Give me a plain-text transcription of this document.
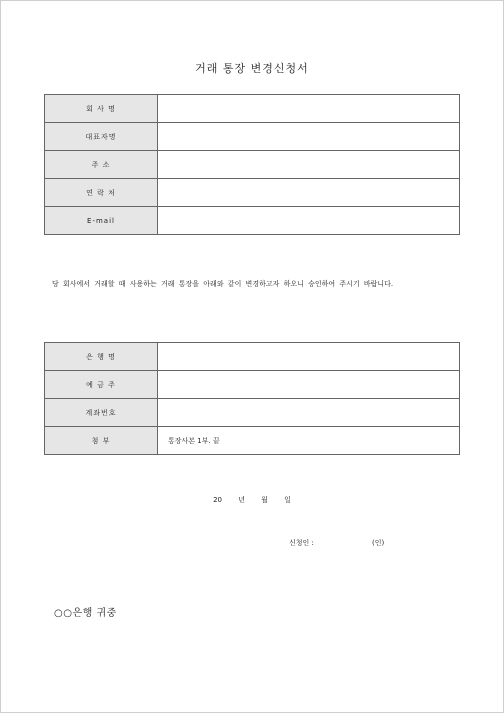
거래 통장 변경신청서
회 사 명	
대표자명	
주 소	
연 락 처	
E-mail	
당 회사에서 거래할 때 사용하는 거래 통장을 아래와 같이 변경하고자 하오니 승인하여 주시기 바랍니다.
은 행 명	
예 금 주	
계좌번호	
첨 부	통장사본 1부. 끝
20 년 월 일
신청인 :	(인)
○○은행 귀중
